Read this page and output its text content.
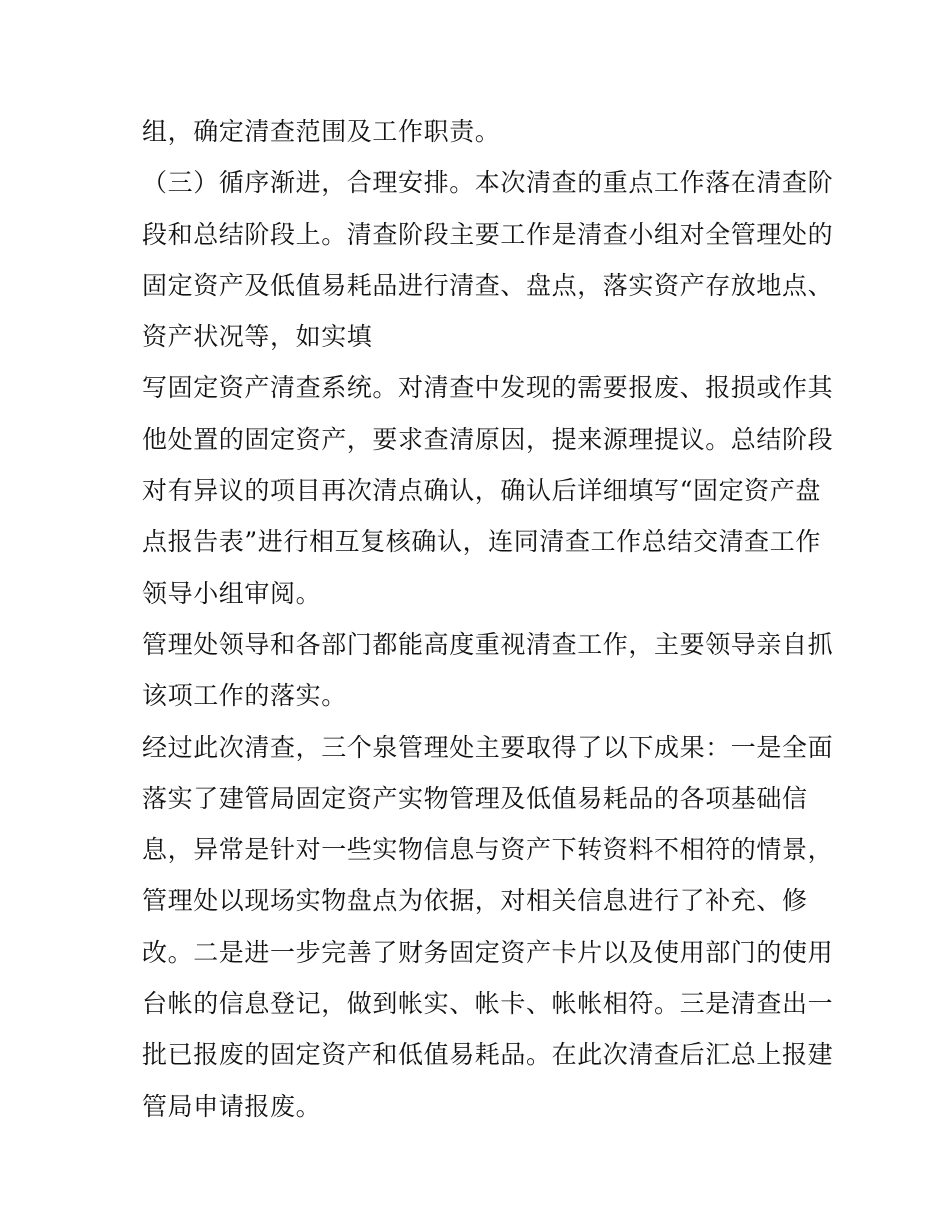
组，确定清查范围及工作职责。
（三）循序渐进，合理安排。本次清查的重点工作落在清查阶
段和总结阶段上。清查阶段主要工作是清查小组对全管理处的
固定资产及低值易耗品进行清查、盘点，落实资产存放地点、
资产状况等，如实填
写固定资产清查系统。对清查中发现的需要报废、报损或作其
他处置的固定资产，要求查清原因，提来源理提议。总结阶段
对有异议的项目再次清点确认，确认后详细填写“固定资产盘
点报告表”进行相互复核确认，连同清查工作总结交清查工作
领导小组审阅。
管理处领导和各部门都能高度重视清查工作，主要领导亲自抓
该项工作的落实。
经过此次清查，三个泉管理处主要取得了以下成果：一是全面
落实了建管局固定资产实物管理及低值易耗品的各项基础信
息，异常是针对一些实物信息与资产下转资料不相符的情景，
管理处以现场实物盘点为依据，对相关信息进行了补充、修
改。二是进一步完善了财务固定资产卡片以及使用部门的使用
台帐的信息登记，做到帐实、帐卡、帐帐相符。三是清查出一
批已报废的固定资产和低值易耗品。在此次清查后汇总上报建
管局申请报废。
